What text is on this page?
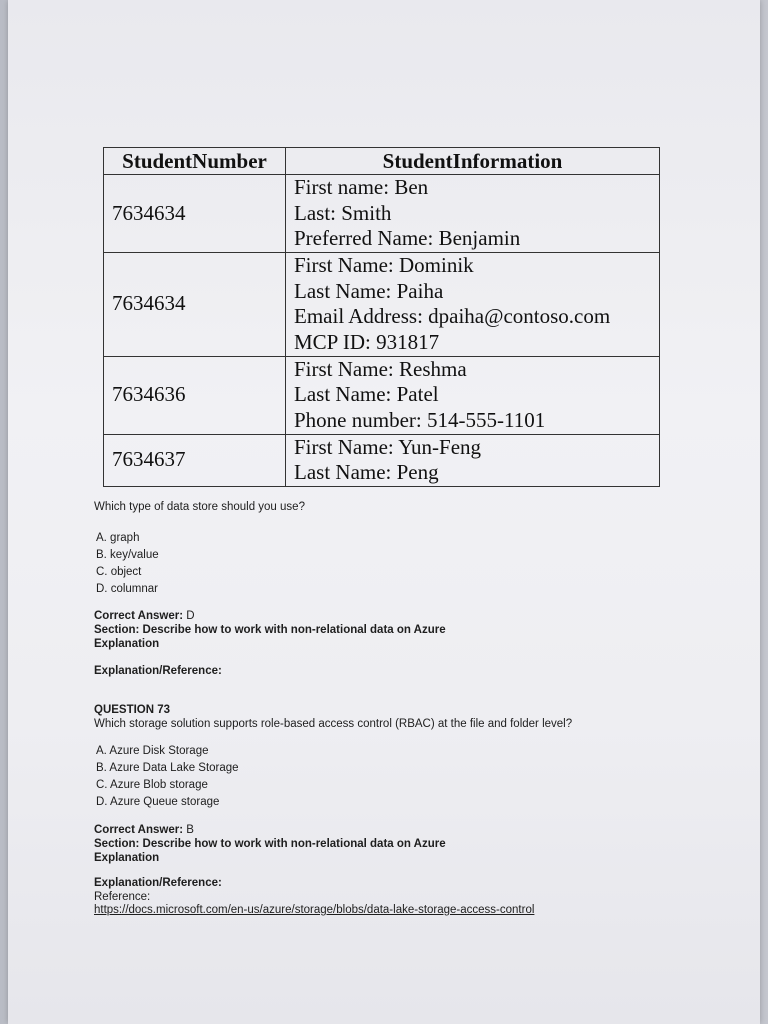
StudentNumber	StudentInformation
7634634	First name: Ben
Last: Smith
Preferred Name: Benjamin

7634634	First Name: Dominik
Last Name: Paiha
Email Address: dpaiha@contoso.com
MCP ID: 931817

7634636	First Name: Reshma
Last Name: Patel
Phone number: 514-555-1101

7634637	First Name: Yun-Feng
Last Name: Peng
Which type of data store should you use?
A. graph
B. key/value
C. object
D. columnar
Correct Answer: D
Section: Describe how to work with non-relational data on Azure
Explanation
Explanation/Reference:
QUESTION 73
Which storage solution supports role-based access control (RBAC) at the file and folder level?
A. Azure Disk Storage
B. Azure Data Lake Storage
C. Azure Blob storage
D. Azure Queue storage
Correct Answer: B
Section: Describe how to work with non-relational data on Azure
Explanation
Explanation/Reference:
Reference:
https://docs.microsoft.com/en-us/azure/storage/blobs/data-lake-storage-access-control
